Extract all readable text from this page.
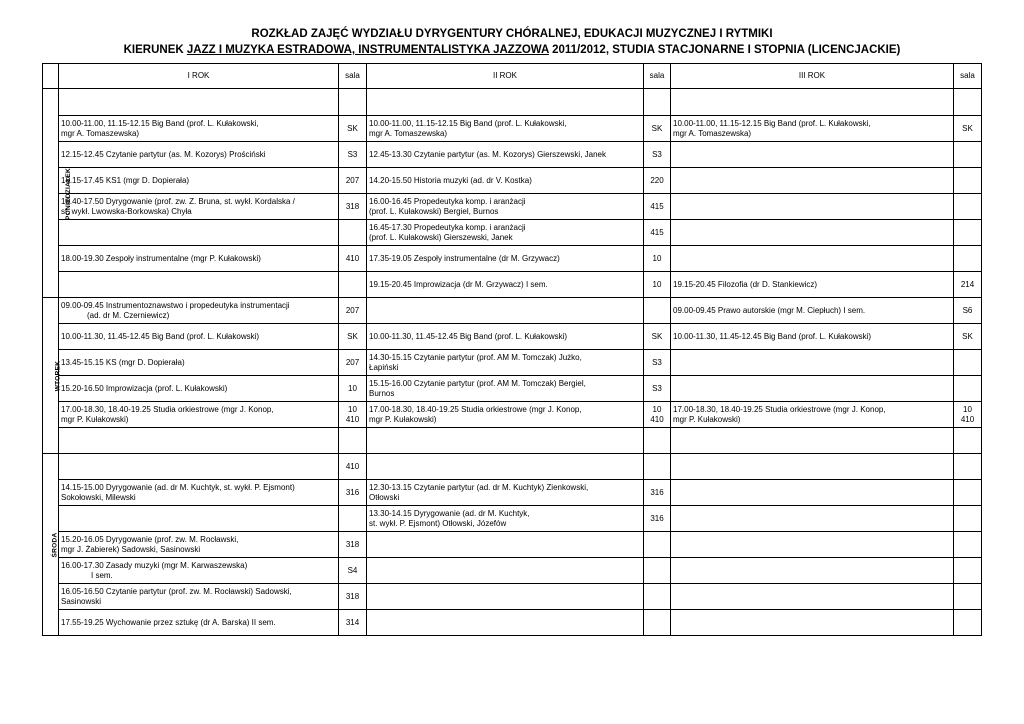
ROZKŁAD ZAJĘĆ WYDZIAŁU DYRYGENTURY CHÓRALNEJ, EDUKACJI MUZYCZNEJ I RYTMIKI
KIERUNEK JAZZ I MUZYKA ESTRADOWA, INSTRUMENTALISTYKA JAZZOWA 2011/2012, STUDIA STACJONARNE I STOPNIA (LICENCJACKIE)
	I ROK	sala	II ROK	sala	III ROK	sala
PONIEDZIAŁEK	

	10.00-11.00, 11.15-12.15 Big Band (prof. L. Kułakowski,
mgr A. Tomaszewska)	SK	10.00-11.00, 11.15-12.15 Big Band (prof. L. Kułakowski,
mgr A. Tomaszewska)	SK	10.00-11.00, 11.15-12.15 Big Band (prof. L. Kułakowski,
mgr A. Tomaszewska)	SK

	12.15-12.45 Czytanie partytur (as. M. Kozorys) Prościński	S3	12.45-13.30 Czytanie partytur (as. M. Kozorys) Gierszewski, Janek	S3		

	16.15-17.45 KS1 (mgr D. Dopierała)	207	14.20-15.50 Historia muzyki (ad. dr V. Kostka)	220		

	16.40-17.50 Dyrygowanie (prof. zw. Z. Bruna, st. wykł. Kordalska /
st. wykł. Lwowska-Borkowska) Chyła	318	16.00-16.45 Propedeutyka komp. i aranżacji
(prof. L. Kułakowski) Bergiel, Burnos	415		

			16.45-17.30 Propedeutyka komp. i aranżacji
(prof. L. Kułakowski) Gierszewski, Janek	415		

	18.00-19.30 Zespoły instrumentalne (mgr P. Kułakowski)	410	17.35-19.05 Zespoły instrumentalne (dr M. Grzywacz)	10		

			19.15-20.45 Improwizacja (dr M. Grzywacz) I sem.	10	19.15-20.45 Filozofia (dr D. Stankiewicz)	214

WTOREK	09.00-09.45 Instrumentoznawstwo i propedeutyka instrumentacji
(ad. dr M. Czerniewicz)	207			09.00-09.45 Prawo autorskie (mgr M. Ciepłuch) I sem.	S6

	10.00-11.30, 11.45-12.45 Big Band (prof. L. Kułakowski)	SK	10.00-11.30, 11.45-12.45 Big Band (prof. L. Kułakowski)	SK	10.00-11.30, 11.45-12.45 Big Band (prof. L. Kułakowski)	SK

	13.45-15.15 KS (mgr D. Dopierała)	207	14.30-15.15 Czytanie partytur (prof. AM M. Tomczak) Jużko,
Łapiński	S3		

	15.20-16.50 Improwizacja (prof. L. Kułakowski)	10	15.15-16.00 Czytanie partytur (prof. AM M. Tomczak) Bergiel,
Burnos	S3		

	17.00-18.30, 18.40-19.25 Studia orkiestrowe (mgr J. Konop,
mgr P. Kułakowski)	10
410	17.00-18.30, 18.40-19.25 Studia orkiestrowe (mgr J. Konop,
mgr P. Kułakowski)	10
410	17.00-18.30, 18.40-19.25 Studia orkiestrowe (mgr J. Konop,
mgr P. Kułakowski)	10
410

ŚRODA		410				

	14.15-15.00 Dyrygowanie (ad. dr M. Kuchtyk, st. wykł. P. Ejsmont)
Sokołowski, Milewski	316	12.30-13.15 Czytanie partytur (ad. dr M. Kuchtyk) Zienkowski,
Otłowski	316		

			13.30-14.15 Dyrygowanie (ad. dr M. Kuchtyk,
st. wykł. P. Ejsmont) Otłowski, Józefów	316		

	15.20-16.05 Dyrygowanie (prof. zw. M. Rocławski,
mgr J. Żabierek) Sadowski, Sasinowski	318				

	16.00-17.30 Zasady muzyki (mgr M. Karwaszewska)
I sem.	S4				

	16.05-16.50 Czytanie partytur (prof. zw. M. Rocławski) Sadowski,
Sasinowski	318				

	17.55-19.25 Wychowanie przez sztukę (dr A. Barska) II sem.	314				
